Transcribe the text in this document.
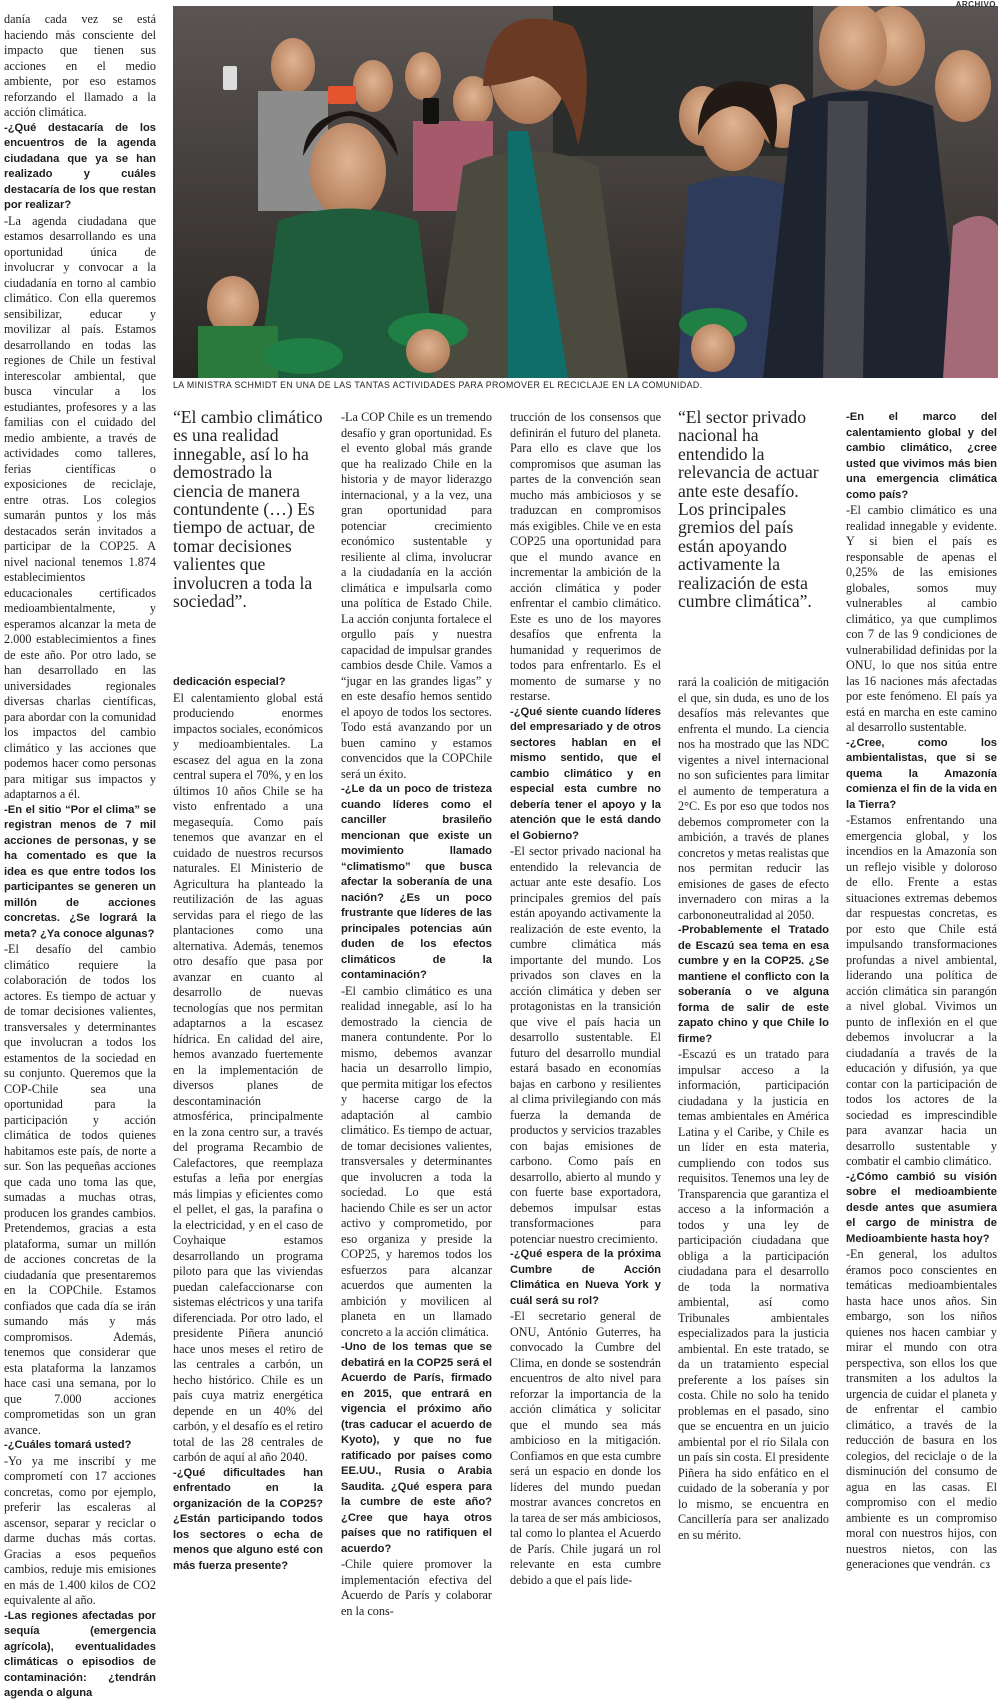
ARCHIVO
LA MINISTRA SCHMIDT EN UNA DE LAS TANTAS ACTIVIDADES PARA PROMOVER EL RECICLAJE EN LA COMUNIDAD.

danía cada vez se está haciendo más consciente del impacto que tienen sus acciones en el medio ambiente, por eso estamos reforzando el llamado a la acción climática.

-¿Qué destacaría de los encuentros de la agenda ciudadana que ya se han realizado y cuáles destacaría de los que restan por realizar?

-La agenda ciudadana que estamos desarrollando es una oportunidad única de involucrar y convocar a la ciudadanía en torno al cambio climático. Con ella queremos sensibilizar, educar y movilizar al país. Estamos desarrollando en todas las regiones de Chile un festival interescolar ambiental, que busca vincular a los estudiantes, profesores y a las familias con el cuidado del medio ambiente, a través de actividades como talleres, ferias científicas o exposiciones de reciclaje, entre otras. Los colegios sumarán puntos y los más destacados serán invitados a participar de la COP25. A nivel nacional tenemos 1.874 establecimientos educacionales certificados medioambientalmente, y esperamos alcanzar la meta de 2.000 establecimientos a fines de este año. Por otro lado, se han desarrollado en las universidades regionales diversas charlas científicas, para abordar con la comunidad los impactos del cambio climático y las acciones que podemos hacer como personas para mitigar sus impactos y adaptarnos a él.

-En el sitio “Por el clima” se registran menos de 7 mil acciones de personas, y se ha comentado es que la idea es que entre todos los participantes se generen un millón de acciones concretas. ¿Se logrará la meta? ¿Ya conoce algunas?

-El desafío del cambio climático requiere la colaboración de todos los actores. Es tiempo de actuar y de tomar decisiones valientes, transversales y determinantes que involucran a todos los estamentos de la sociedad en su conjunto. Queremos que la COP-Chile sea una oportunidad para la participación y acción climática de todos quienes habitamos este país, de norte a sur. Son las pequeñas acciones que cada uno toma las que, sumadas a muchas otras, producen los grandes cambios. Pretendemos, gracias a esta plataforma, sumar un millón de acciones concretas de la ciudadanía que presentaremos en la COPChile. Estamos confiados que cada día se irán sumando más y más compromisos. Además, tenemos que considerar que esta plataforma la lanzamos hace casi una semana, por lo que 7.000 acciones comprometidas son un gran avance.

-¿Cuáles tomará usted?

-Yo ya me inscribí y me comprometí con 17 acciones concretas, como por ejemplo, preferir las escaleras al ascensor, separar y reciclar o darme duchas más cortas. Gracias a esos pequeños cambios, reduje mis emisiones en más de 1.400 kilos de CO2 equivalente al año.

-Las regiones afectadas por sequía (emergencia agrícola), eventualidades climáticas o episodios de contaminación: ¿tendrán agenda o alguna

“El cambio climático es una realidad innegable, así lo ha demostrado la ciencia de manera contundente (…) Es tiempo de actuar, de tomar decisiones valientes que involucren a toda la sociedad”.

dedicación especial?

El calentamiento global está produciendo enormes impactos sociales, económicos y medioambientales. La escasez del agua en la zona central supera el 70%, y en los últimos 10 años Chile se ha visto enfrentado a una megasequía. Como país tenemos que avanzar en el cuidado de nuestros recursos naturales. El Ministerio de Agricultura ha planteado la reutilización de las aguas servidas para el riego de las plantaciones como una alternativa. Además, tenemos otro desafío que pasa por avanzar en cuanto al desarrollo de nuevas tecnologías que nos permitan adaptarnos a la escasez hídrica. En calidad del aire, hemos avanzado fuertemente en la implementación de diversos planes de descontaminación atmosférica, principalmente en la zona centro sur, a través del programa Recambio de Calefactores, que reemplaza estufas a leña por energías más limpias y eficientes como el pellet, el gas, la parafina o la electricidad, y en el caso de Coyhaique estamos desarrollando un programa piloto para que las viviendas puedan calefaccionarse con sistemas eléctricos y una tarifa diferenciada. Por otro lado, el presidente Piñera anunció hace unos meses el retiro de las centrales a carbón, un hecho histórico. Chile es un país cuya matriz energética depende en un 40% del carbón, y el desafío es el retiro total de las 28 centrales de carbón de aquí al año 2040.

-¿Qué dificultades han enfrentado en la organización de la COP25? ¿Están participando todos los sectores o echa de menos que alguno esté con más fuerza presente?

-La COP Chile es un tremendo desafío y gran oportunidad. Es el evento global más grande que ha realizado Chile en la historia y de mayor liderazgo internacional, y a la vez, una gran oportunidad para potenciar crecimiento económico sustentable y resiliente al clima, involucrar a la ciudadanía en la acción climática e impulsarla como una política de Estado Chile. La acción conjunta fortalece el orgullo país y nuestra capacidad de impulsar grandes cambios desde Chile. Vamos a “jugar en las grandes ligas” y en este desafío hemos sentido el apoyo de todos los sectores. Todo está avanzando por un buen camino y estamos convencidos que la COPChile será un éxito.

-¿Le da un poco de tristeza cuando líderes como el canciller brasileño mencionan que existe un movimiento llamado “climatismo” que busca afectar la soberanía de una nación? ¿Es un poco frustrante que líderes de las principales potencias aún duden de los efectos climáticos de la contaminación?

-El cambio climático es una realidad innegable, así lo ha demostrado la ciencia de manera contundente. Por lo mismo, debemos avanzar hacia un desarrollo limpio, que permita mitigar los efectos y hacerse cargo de la adaptación al cambio climático. Es tiempo de actuar, de tomar decisiones valientes, transversales y determinantes que involucren a toda la sociedad. Lo que está haciendo Chile es ser un actor activo y comprometido, por eso organiza y preside la COP25, y haremos todos los esfuerzos para alcanzar acuerdos que aumenten la ambición y movilicen al planeta en un llamado concreto a la acción climática.

-Uno de los temas que se debatirá en la COP25 será el Acuerdo de París, firmado en 2015, que entrará en vigencia el próximo año (tras caducar el acuerdo de Kyoto), y que no fue ratificado por países como EE.UU., Rusia o Arabia Saudita. ¿Qué espera para la cumbre de este año? ¿Cree que haya otros países que no ratifiquen el acuerdo?

-Chile quiere promover la implementación efectiva del Acuerdo de París y colaborar en la cons-

trucción de los consensos que definirán el futuro del planeta. Para ello es clave que los compromisos que asuman las partes de la convención sean mucho más ambiciosos y se traduzcan en compromisos más exigibles. Chile ve en esta COP25 una oportunidad para que el mundo avance en incrementar la ambición de la acción climática y poder enfrentar el cambio climático. Este es uno de los mayores desafíos que enfrenta la humanidad y requerimos de todos para enfrentarlo. Es el momento de sumarse y no restarse.

-¿Qué siente cuando líderes del empresariado y de otros sectores hablan en el mismo sentido, que el cambio climático y en especial esta cumbre no debería tener el apoyo y la atención que le está dando el Gobierno?

-El sector privado nacional ha entendido la relevancia de actuar ante este desafío. Los principales gremios del país están apoyando activamente la realización de este evento, la cumbre climática más importante del mundo. Los privados son claves en la acción climática y deben ser protagonistas en la transición que vive el país hacia un desarrollo sustentable. El futuro del desarrollo mundial estará basado en economías bajas en carbono y resilientes al clima privilegiando con más fuerza la demanda de productos y servicios trazables con bajas emisiones de carbono. Como país en desarrollo, abierto al mundo y con fuerte base exportadora, debemos impulsar estas transformaciones para potenciar nuestro crecimiento.

-¿Qué espera de la próxima Cumbre de Acción Climática en Nueva York y cuál será su rol?

-El secretario general de ONU, António Guterres, ha convocado la Cumbre del Clima, en donde se sostendrán encuentros de alto nivel para reforzar la importancia de la acción climática y solicitar que el mundo sea más ambicioso en la mitigación. Confiamos en que esta cumbre será un espacio en donde los líderes del mundo puedan mostrar avances concretos en la tarea de ser más ambiciosos, tal como lo plantea el Acuerdo de París. Chile jugará un rol relevante en esta cumbre debido a que el país lide-

“El sector privado nacional ha entendido la relevancia de actuar ante este desafío. Los principales gremios del país están apoyando activamente la realización de esta cumbre climática”.

rará la coalición de mitigación el que, sin duda, es uno de los desafíos más relevantes que enfrenta el mundo. La ciencia nos ha mostrado que las NDC vigentes a nivel internacional no son suficientes para limitar el aumento de temperatura a 2°C. Es por eso que todos nos debemos comprometer con la ambición, a través de planes concretos y metas realistas que nos permitan reducir las emisiones de gases de efecto invernadero con miras a la carbononeutralidad al 2050.

-Probablemente el Tratado de Escazú sea tema en esa cumbre y en la COP25. ¿Se mantiene el conflicto con la soberanía o ve alguna forma de salir de este zapato chino y que Chile lo firme?

-Escazú es un tratado para impulsar acceso a la información, participación ciudadana y la justicia en temas ambientales en América Latina y el Caribe, y Chile es un líder en esta materia, cumpliendo con todos sus requisitos. Tenemos una ley de Transparencia que garantiza el acceso a la información a todos y una ley de participación ciudadana que obliga a la participación ciudadana para el desarrollo de toda la normativa ambiental, así como Tribunales ambientales especializados para la justicia ambiental. En este tratado, se da un tratamiento especial preferente a los países sin costa. Chile no solo ha tenido problemas en el pasado, sino que se encuentra en un juicio ambiental por el río Silala con un país sin costa. El presidente Piñera ha sido enfático en el cuidado de la soberanía y por lo mismo, se encuentra en Cancillería para ser analizado en su mérito.

-En el marco del calentamiento global y del cambio climático, ¿cree usted que vivimos más bien una emergencia climática como país?

-El cambio climático es una realidad innegable y evidente. Y si bien el país es responsable de apenas el 0,25% de las emisiones globales, somos muy vulnerables al cambio climático, ya que cumplimos con 7 de las 9 condiciones de vulnerabilidad definidas por la ONU, lo que nos sitúa entre las 16 naciones más afectadas por este fenómeno. El país ya está en marcha en este camino al desarrollo sustentable.

-¿Cree, como los ambientalistas, que si se quema la Amazonía comienza el fin de la vida en la Tierra?

-Estamos enfrentando una emergencia global, y los incendios en la Amazonía son un reflejo visible y doloroso de ello. Frente a estas situaciones extremas debemos dar respuestas concretas, es por esto que Chile está impulsando transformaciones profundas a nivel ambiental, liderando una política de acción climática sin parangón a nivel global. Vivimos un punto de inflexión en el que debemos involucrar a la ciudadanía a través de la educación y difusión, ya que contar con la participación de todos los actores de la sociedad es imprescindible para avanzar hacia un desarrollo sustentable y combatir el cambio climático.

-¿Cómo cambió su visión sobre el medioambiente desde antes que asumiera el cargo de ministra de Medioambiente hasta hoy?

-En general, los adultos éramos poco conscientes en temáticas medioambientales hasta hace unos años. Sin embargo, son los niños quienes nos hacen cambiar y mirar el mundo con otra perspectiva, son ellos los que transmiten a los adultos la urgencia de cuidar el planeta y de enfrentar el cambio climático, a través de la reducción de basura en los colegios, del reciclaje o de la disminución del consumo de agua en las casas. El compromiso con el medio ambiente es un compromiso moral con nuestros hijos, con nuestros nietos, con las generaciones que vendrán. ᴄᴣ
